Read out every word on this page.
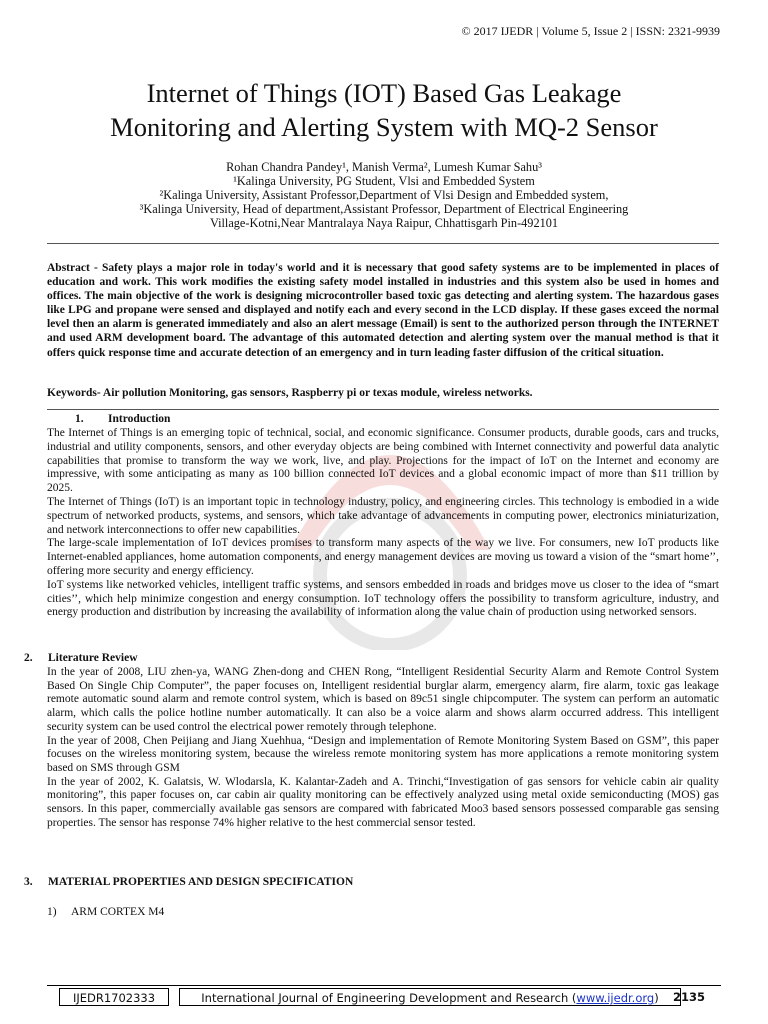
© 2017 IJEDR | Volume 5, Issue 2 | ISSN: 2321-9939
Internet of Things (IOT) Based Gas Leakage
Monitoring and Alerting System with MQ-2 Sensor
Rohan Chandra Pandey¹, Manish Verma², Lumesh Kumar Sahu³
¹Kalinga University, PG Student, Vlsi and Embedded System
²Kalinga University, Assistant Professor,Department of Vlsi Design and Embedded system,
³Kalinga University, Head of department,Assistant Professor, Department of Electrical Engineering
Village-Kotni,Near Mantralaya Naya Raipur, Chhattisgarh Pin-492101
Abstract - Safety plays a major role in today's world and it is necessary that good safety systems are to be implemented in places of education and work. This work modifies the existing safety model installed in industries and this system also be used in homes and offices. The main objective of the work is designing microcontroller based toxic gas detecting and alerting system. The hazardous gases like LPG and propane were sensed and displayed and notify each and every second in the LCD display. If these gases exceed the normal level then an alarm is generated immediately and also an alert message (Email) is sent to the authorized person through the INTERNET and used ARM development board. The advantage of this automated detection and alerting system over the manual method is that it offers quick response time and accurate detection of an emergency and in turn leading faster diffusion of the critical situation.
Keywords- Air pollution Monitoring, gas sensors, Raspberry pi or texas module, wireless networks.
1. Introduction

The Internet of Things is an emerging topic of technical, social, and economic significance. Consumer products, durable goods, cars and trucks, industrial and utility components, sensors, and other everyday objects are being combined with Internet connectivity and powerful data analytic capabilities that promise to transform the way we work, live, and play. Projections for the impact of IoT on the Internet and economy are impressive, with some anticipating as many as 100 billion connected IoT devices and a global economic impact of more than $11 trillion by 2025.

The Internet of Things (IoT) is an important topic in technology industry, policy, and engineering circles. This technology is embodied in a wide spectrum of networked products, systems, and sensors, which take advantage of advancements in computing power, electronics miniaturization, and network interconnections to offer new capabilities.

The large-scale implementation of IoT devices promises to transform many aspects of the way we live. For consumers, new IoT products like Internet-enabled appliances, home automation components, and energy management devices are moving us toward a vision of the “smart home’’, offering more security and energy efficiency.

IoT systems like networked vehicles, intelligent traffic systems, and sensors embedded in roads and bridges move us closer to the idea of “smart cities’’, which help minimize congestion and energy consumption. IoT technology offers the possibility to transform agriculture, industry, and energy production and distribution by increasing the availability of information along the value chain of production using networked sensors.

2. Literature Review

In the year of 2008, LIU zhen-ya, WANG Zhen-dong and CHEN Rong, “Intelligent Residential Security Alarm and Remote Control System Based On Single Chip Computer”, the paper focuses on, Intelligent residential burglar alarm, emergency alarm, fire alarm, toxic gas leakage remote automatic sound alarm and remote control system, which is based on 89c51 single chipcomputer. The system can perform an automatic alarm, which calls the police hotline number automatically. It can also be a voice alarm and shows alarm occurred address. This intelligent security system can be used control the electrical power remotely through telephone.

In the year of 2008, Chen Peijiang and Jiang Xuehhua, “Design and implementation of Remote Monitoring System Based on GSM”, this paper focuses on the wireless monitoring system, because the wireless remote monitoring system has more applications a remote monitoring system based on SMS through GSM

In the year of 2002, K. Galatsis, W. Wlodarsla, K. Kalantar-Zadeh and A. Trinchi,“Investigation of gas sensors for vehicle cabin air quality monitoring”, this paper focuses on, car cabin air quality monitoring can be effectively analyzed using metal oxide semiconducting (MOS) gas sensors. In this paper, commercially available gas sensors are compared with fabricated Moo3 based sensors possessed comparable gas sensing properties. The sensor has response 74% higher relative to the hest commercial sensor tested.

3. MATERIAL PROPERTIES AND DESIGN SPECIFICATION
1) ARM CORTEX M4
IJEDR1702333	International Journal of Engineering Development and Research (www.ijedr.org)	2135
